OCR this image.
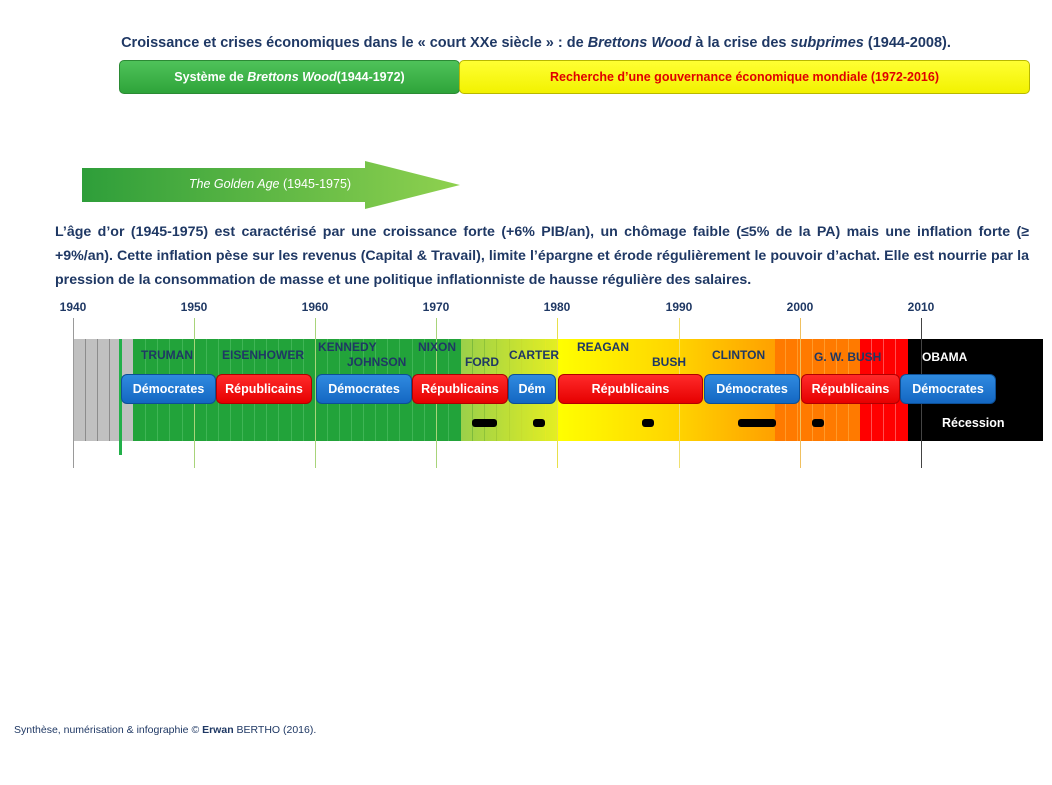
Croissance et crises économiques dans le « court XXe siècle » : de Brettons Wood à la crise des subprimes (1944-2008).
Système de
Brettons Wood (1944-1972)	Recherche d’une gouvernance économique mondiale (1972-2016)
The Golden Age (1945-1975)
L’âge d’or (1945-1975) est caractérisé par une croissance forte (+6% PIB/an), un chômage faible (≤5% de la PA) mais une inflation forte (≥ +9%/an). Cette inflation pèse sur les revenus (Capital & Travail), limite l’épargne et érode régulièrement le pouvoir d’achat. Elle est nourrie par la pression de la consommation de masse et une politique inflationniste de hausse régulière des salaires.
1940	1950	1960	1970	1980	1990	2000	2010
TRUMAN EISENHOWER
KENNEDY
JOHNSON
NIXON
FORD CARTER
REAGAN
BUSH CLINTON	G. W. BUSH	OBAMA
Démocrates	Républicains	Démocrates	Républicains	Dém	Républicains	Démocrates	Républicains	Démocrates
Récession
Synthèse, numérisation & infographie © Erwan BERTHO (2016).
